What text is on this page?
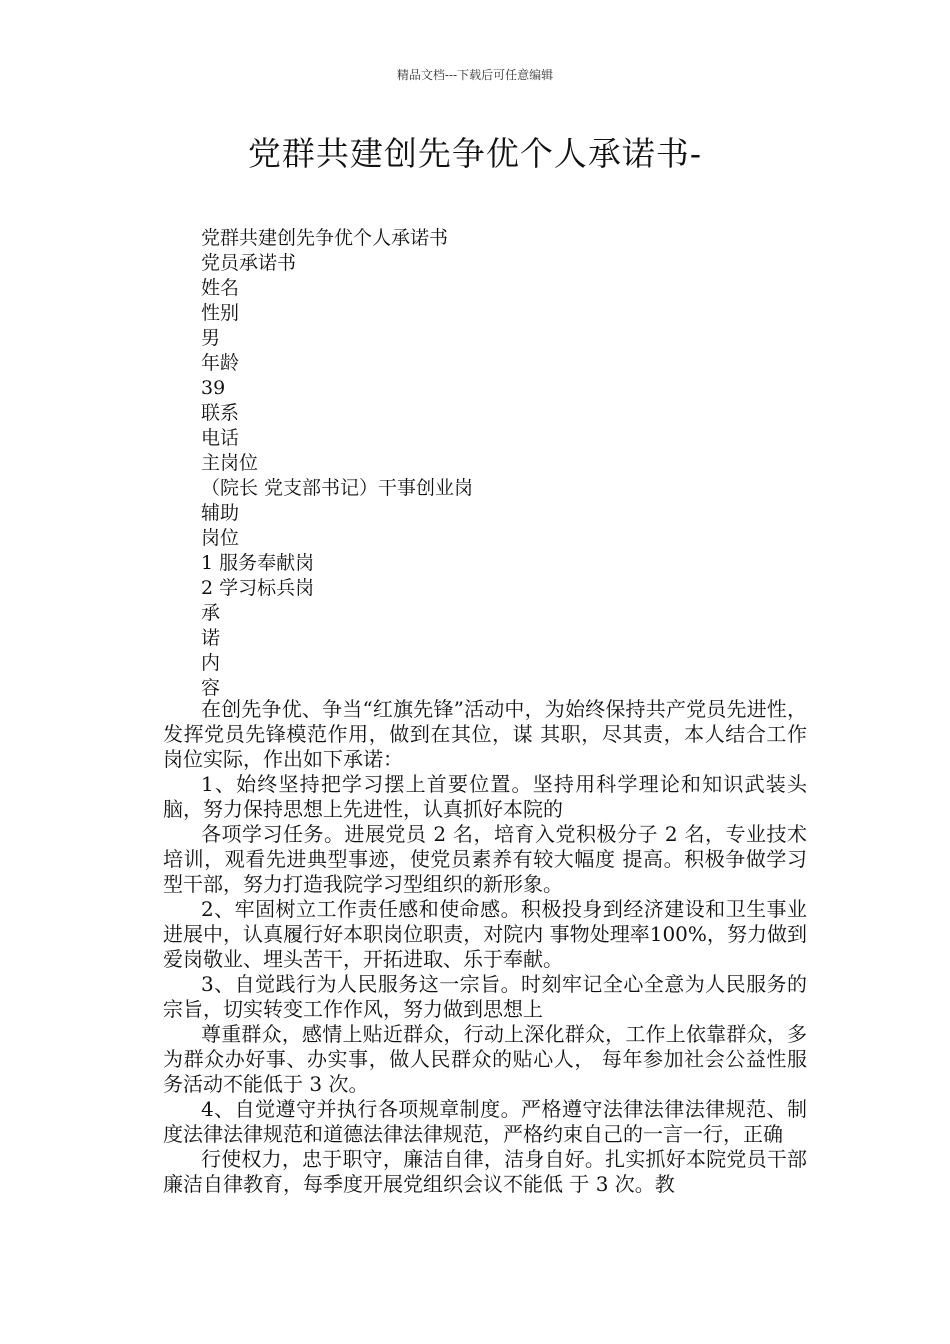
精品文档---下载后可任意编辑
党群共建创先争优个人承诺书-
党群共建创先争优个人承诺书
党员承诺书
姓名
性别
男
年龄
39
联系
电话
主岗位
（院长 党支部书记）干事创业岗
辅助
岗位
1 服务奉献岗
2 学习标兵岗
承
诺
内
容

在创先争优、争当“红旗先锋”活动中，为始终保持共产党员先进性，发挥党员先锋模范作用，做到在其位，谋 其职，尽其责，本人结合工作岗位实际，作出如下承诺：

1、始终坚持把学习摆上首要位置。坚持用科学理论和知识武装头脑，努力保持思想上先进性，认真抓好本院的

各项学习任务。进展党员 2 名，培育入党积极分子 2 名，专业技术培训，观看先进典型事迹，使党员素养有较大幅度 提高。积极争做学习型干部，努力打造我院学习型组织的新形象。

2、牢固树立工作责任感和使命感。积极投身到经济建设和卫生事业进展中，认真履行好本职岗位职责，对院内 事物处理率100%，努力做到爱岗敬业、埋头苦干，开拓进取、乐于奉献。

3、自觉践行为人民服务这一宗旨。时刻牢记全心全意为人民服务的宗旨，切实转变工作作风，努力做到思想上

尊重群众，感情上贴近群众，行动上深化群众，工作上依靠群众，多为群众办好事、办实事，做人民群众的贴心人， 每年参加社会公益性服务活动不能低于 3 次。

4、自觉遵守并执行各项规章制度。严格遵守法律法律法律规范、制度法律法律规范和道德法律法律规范，严格约束自己的一言一行，正确

行使权力，忠于职守，廉洁自律，洁身自好。扎实抓好本院党员干部廉洁自律教育，每季度开展党组织会议不能低 于 3 次。教
